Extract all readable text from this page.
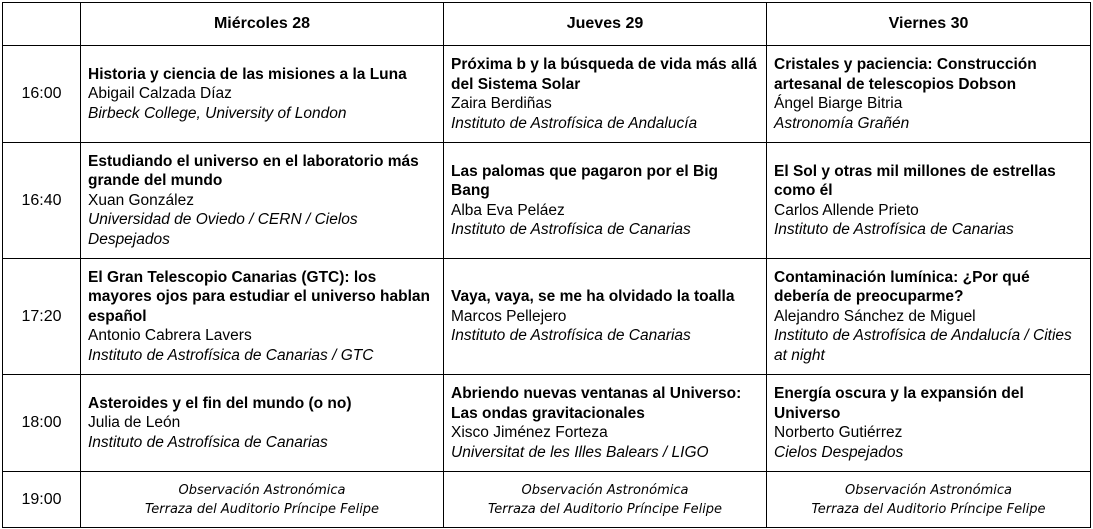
	Miércoles 28	Jueves 29	Viernes 30
16:00	Historia y ciencia de las misiones a la Luna
Abigail Calzada Díaz
Birbeck College, University of London	Próxima b y la búsqueda de vida más allá del Sistema Solar
Zaira Berdiñas
Instituto de Astrofísica de Andalucía	Cristales y paciencia: Construcción artesanal de telescopios Dobson
Ángel Biarge Bitria
Astronomía Grañén

16:40	Estudiando el universo en el laboratorio más grande del mundo
Xuan González
Universidad de Oviedo / CERN / Cielos Despejados	Las palomas que pagaron por el Big Bang
Alba Eva Peláez
Instituto de Astrofísica de Canarias	El Sol y otras mil millones de estrellas como él
Carlos Allende Prieto
Instituto de Astrofísica de Canarias

17:20	El Gran Telescopio Canarias (GTC): los mayores ojos para estudiar el universo hablan español
Antonio Cabrera Lavers
Instituto de Astrofísica de Canarias / GTC	Vaya, vaya, se me ha olvidado la toalla
Marcos Pellejero
Instituto de Astrofísica de Canarias	Contaminación lumínica: ¿Por qué debería de preocuparme?
Alejandro Sánchez de Miguel
Instituto de Astrofísica de Andalucía / Cities at night

18:00	Asteroides y el fin del mundo (o no)
Julia de León
Instituto de Astrofísica de Canarias	Abriendo nuevas ventanas al Universo: Las ondas gravitacionales
Xisco Jiménez Forteza
Universitat de les Illes Balears / LIGO	Energía oscura y la expansión del Universo
Norberto Gutiérrez
Cielos Despejados

19:00	Observación Astronómica
Terraza del Auditorio Príncipe Felipe	Observación Astronómica
Terraza del Auditorio Príncipe Felipe	Observación Astronómica
Terraza del Auditorio Príncipe Felipe
